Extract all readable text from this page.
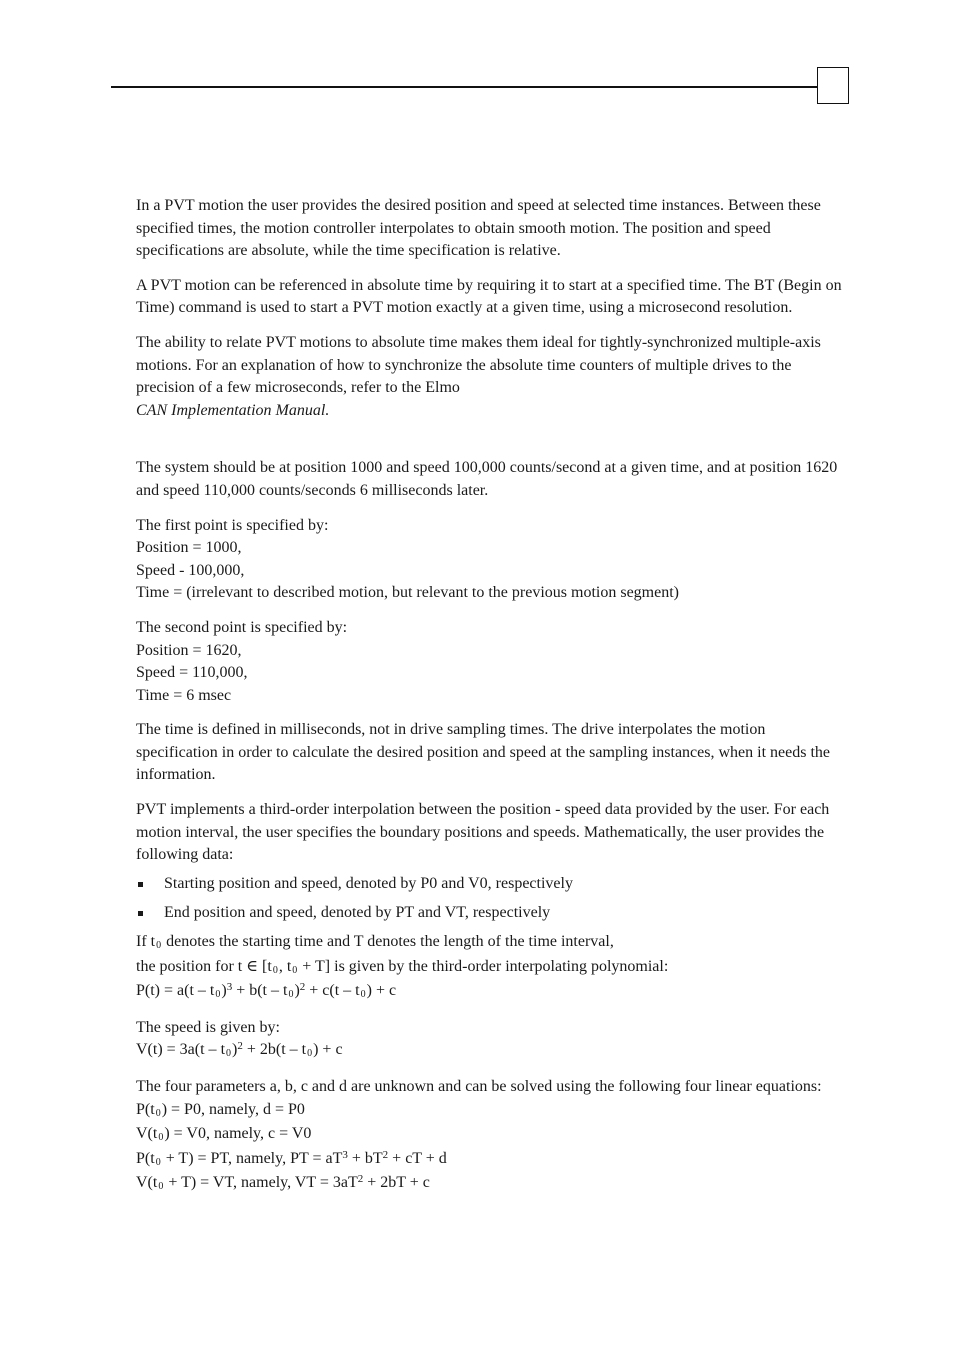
In a PVT motion the user provides the desired position and speed at selected time instances. Between these specified times, the motion controller interpolates to obtain smooth motion. The position and speed specifications are absolute, while the time specification is relative.

A PVT motion can be referenced in absolute time by requiring it to start at a specified time. The BT (Begin on Time) command is used to start a PVT motion exactly at a given time, using a microsecond resolution.

The ability to relate PVT motions to absolute time makes them ideal for tightly-synchronized multiple-axis motions. For an explanation of how to synchronize the absolute time counters of multiple drives to the precision of a few microseconds, refer to the Elmo
CAN Implementation Manual.

The system should be at position 1000 and speed 100,000 counts/second at a given time, and at position 1620 and speed 110,000 counts/seconds 6 milliseconds later.

The first point is specified by:
Position = 1000,
Speed - 100,000,
Time = (irrelevant to described motion, but relevant to the previous motion segment)

The second point is specified by:
Position = 1620,
Speed = 110,000,
Time = 6 msec

The time is defined in milliseconds, not in drive sampling times. The drive interpolates the motion specification in order to calculate the desired position and speed at the sampling instances, when it needs the information.

PVT implements a third-order interpolation between the position - speed data provided by the user. For each motion interval, the user specifies the boundary positions and speeds. Mathematically, the user provides the following data:

Starting position and speed, denoted by P0 and V0, respectively
End position and speed, denoted by PT and VT, respectively

If t0 denotes the starting time and T denotes the length of the time interval,
the position for t ∈ [t0, t0 + T] is given by the third-order interpolating polynomial:
P(t) = a(t – t0)$^3$ + b(t – t0)$^2$ + c(t – t0) + c

The speed is given by:
V(t) = 3a(t – t0)$^2$ + 2b(t – t0) + c

The four parameters a, b, c and d are unknown and can be solved using the following four linear equations:
P(t0) = P0, namely, d = P0
V(t0) = V0, namely, c = V0
P(t0 + T) = PT, namely, PT = $aT^3 + bT^2$ + cT + d
V(t0 + T) = VT, namely, VT = $3aT^2 + 2bT + c$
